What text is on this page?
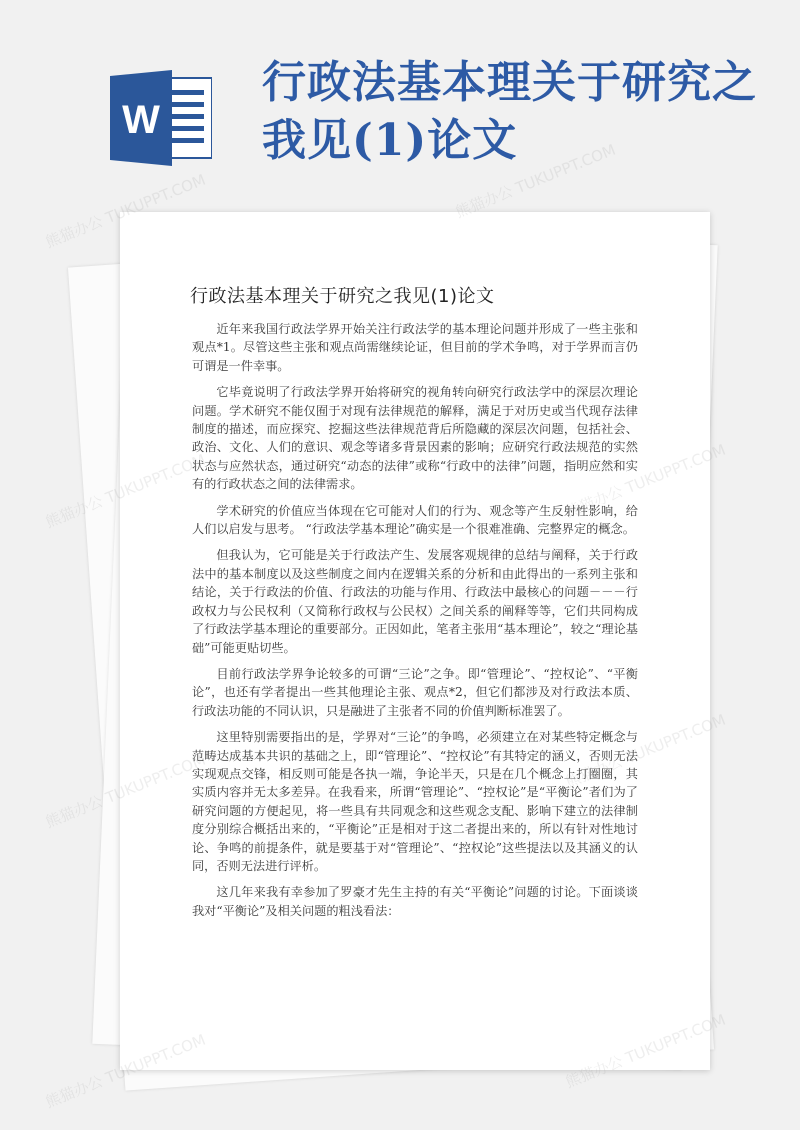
W
行政法基本理关于研究之我见(1)论文
行政法基本理关于研究之我见(1)论文

近年来我国行政法学界开始关注行政法学的基本理论问题并形成了一些主张和观点*1。尽管这些主张和观点尚需继续论证，但目前的学术争鸣，对于学界而言仍可谓是一件幸事。

它毕竟说明了行政法学界开始将研究的视角转向研究行政法学中的深层次理论问题。学术研究不能仅囿于对现有法律规范的解释，满足于对历史或当代现存法律制度的描述，而应探究、挖掘这些法律规范背后所隐藏的深层次问题，包括社会、政治、文化、人们的意识、观念等诸多背景因素的影响；应研究行政法规范的实然状态与应然状态，通过研究“动态的法律”或称“行政中的法律”问题，指明应然和实有的行政状态之间的法律需求。

学术研究的价值应当体现在它可能对人们的行为、观念等产生反射性影响，给人们以启发与思考。 “行政法学基本理论”确实是一个很难准确、完整界定的概念。

但我认为，它可能是关于行政法产生、发展客观规律的总结与阐释，关于行政法中的基本制度以及这些制度之间内在逻辑关系的分析和由此得出的一系列主张和结论，关于行政法的价值、行政法的功能与作用、行政法中最核心的问题－－－行政权力与公民权利（又简称行政权与公民权）之间关系的阐释等等，它们共同构成了行政法学基本理论的重要部分。正因如此，笔者主张用“基本理论”，较之“理论基础”可能更贴切些。

目前行政法学界争论较多的可谓“三论”之争。即“管理论”、“控权论”、“平衡论”，也还有学者提出一些其他理论主张、观点*2，但它们都涉及对行政法本质、行政法功能的不同认识，只是融进了主张者不同的价值判断标准罢了。

这里特别需要指出的是，学界对“三论”的争鸣，必须建立在对某些特定概念与范畴达成基本共识的基础之上，即“管理论”、“控权论”有其特定的涵义，否则无法实现观点交锋，相反则可能是各执一端，争论半天，只是在几个概念上打圈圈，其实质内容并无太多差异。在我看来，所谓“管理论”、“控权论”是“平衡论”者们为了研究问题的方便起见，将一些具有共同观念和这些观念支配、影响下建立的法律制度分别综合概括出来的，“平衡论”正是相对于这二者提出来的，所以有针对性地讨论、争鸣的前提条件，就是要基于对“管理论”、“控权论”这些提法以及其涵义的认同，否则无法进行评析。

这几年来我有幸参加了罗豪才先生主持的有关“平衡论”问题的讨论。下面谈谈我对“平衡论”及相关问题的粗浅看法：

熊猫办公 TUKUPPT.COM	熊猫办公 TUKUPPT.COM
熊猫办公
熊猫办公
熊猫办公
熊猫办公
